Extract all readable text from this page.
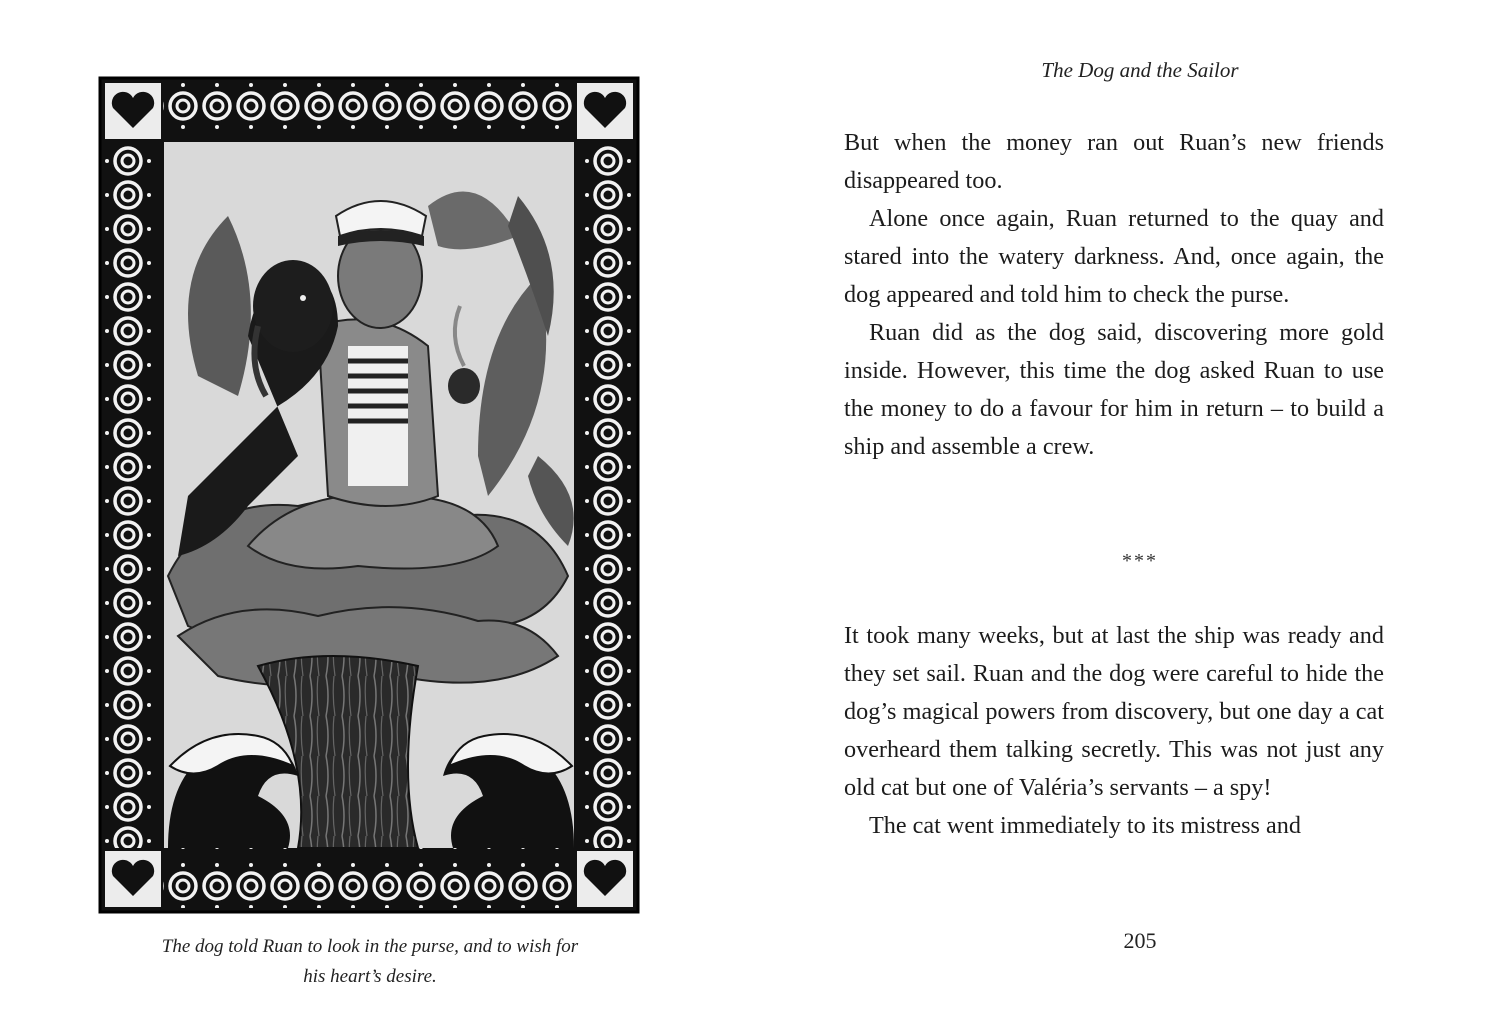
The dog told Ruan to look in the purse, and to wish for his heart’s desire.
The Dog and the Sailor

But when the money ran out Ruan’s new friends disappeared too.

Alone once again, Ruan returned to the quay and stared into the watery darkness. And, once again, the dog appeared and told him to check the purse.

Ruan did as the dog said, discovering more gold inside. However, this time the dog asked Ruan to use the money to do a favour for him in return – to build a ship and assemble a crew.

***

It took many weeks, but at last the ship was ready and they set sail. Ruan and the dog were careful to hide the dog’s magical powers from discovery, but one day a cat overheard them talking secretly. This was not just any old cat but one of Valéria’s servants – a spy!

The cat went immediately to its mistress and

205
